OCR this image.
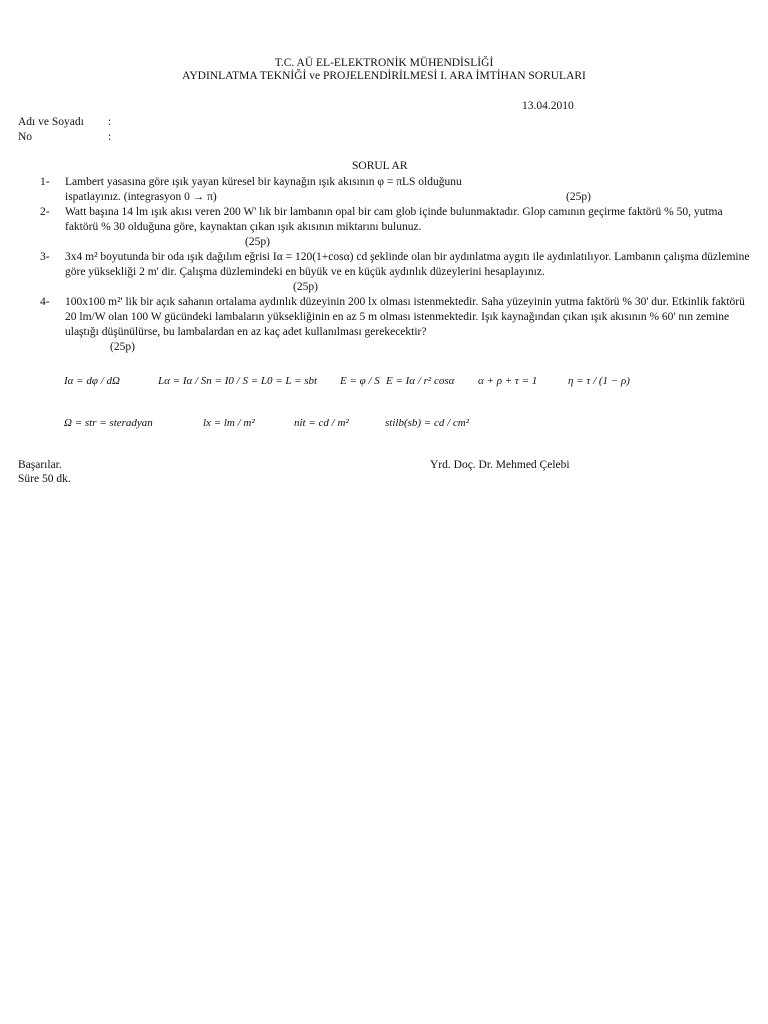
T.C. AÜ EL-ELEKTRONİK MÜHENDİSLİĞİ
AYDINLATMA TEKNİĞİ ve PROJELENDİRİLMESİ I. ARA İMTİHAN SORULARI
13.04.2010
Adı ve Soyadı :
No	:
SORUL AR
1- Lambert yasasına göre ışık yayan küresel bir kaynağın ışık akısının φ = πLS olduğunu
ispatlayınız. (integrasyon 0 → π)	(25p)
2- Watt başına 14 lm ışık akısı veren 200 W' lık bir lambanın opal bir cam glob içinde bulunmaktadır. Glop camının geçirme faktörü % 50, yutma faktörü % 30 olduğuna göre, kaynaktan çıkan ışık akısının miktarını bulunuz.
(25p)
3- 3x4 m² boyutunda bir oda ışık dağılım eğrisi Iα = 120(1+cosα) cd şeklinde olan bir aydınlatma aygıtı ile aydınlatılıyor. Lambanın çalışma düzlemine göre yüksekliği 2 m' dir. Çalışma düzlemindeki en büyük ve en küçük aydınlık düzeylerini hesaplayınız.
(25p)
4- 100x100 m²' lik bir açık sahanın ortalama aydınlık düzeyinin 200 lx olması istenmektedir. Saha yüzeyinin yutma faktörü % 30' dur. Etkinlik faktörü 20 lm/W olan 100 W gücündeki lambaların yüksekliğinin en az 5 m olması istenmektedir. Işık kaynağından çıkan ışık akısının % 60' nın zemine ulaştığı düşünülürse, bu lambalardan en az kaç adet kullanılması gerekecektir?
(25p)
Iα = dφ / dΩ	Lα = Iα / Sn = I0 / S = L0 = L = sbt E = φ / S E = Iα / r² cosα α + ρ + τ = 1	η = τ / (1 − ρ)
Ω = str = steradyan	lx = lm / m²	nit = cd / m²	stilb(sb) = cd / cm²
Başarılar.
Süre 50 dk.
Yrd. Doç. Dr. Mehmed Çelebi
